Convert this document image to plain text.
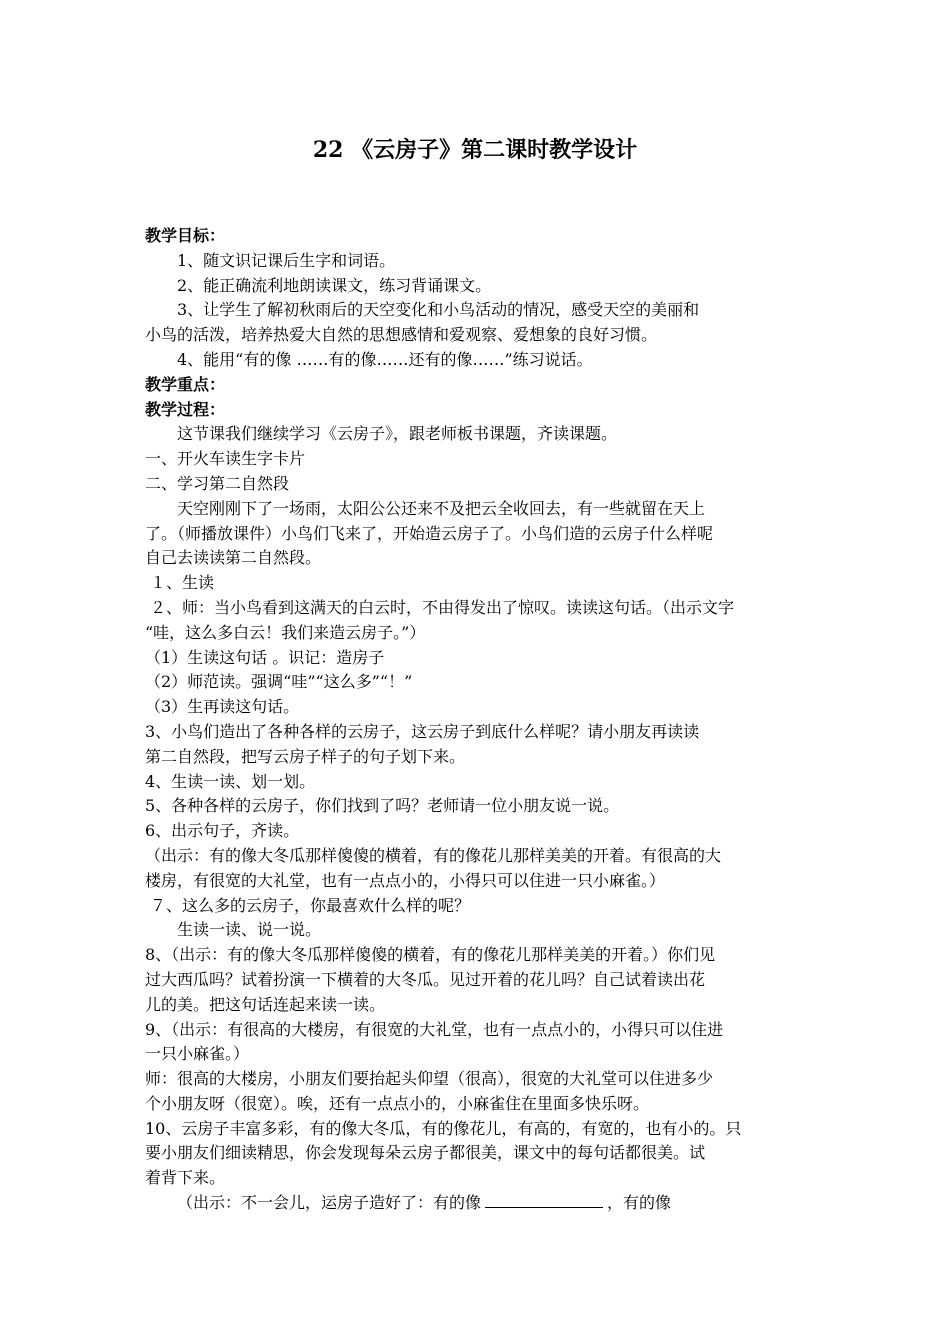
22 《云房子》第二课时教学设计
教学目标：
1、随文识记课后生字和词语。
2、能正确流利地朗读课文，练习背诵课文。
3、让学生了解初秋雨后的天空变化和小鸟活动的情况，感受天空的美丽和
小鸟的活泼，培养热爱大自然的思想感情和爱观察、爱想象的良好习惯。
4、能用“有的像 ……有的像……还有的像……”练习说话。
教学重点：
教学过程：
这节课我们继续学习《云房子》，跟老师板书课题，齐读课题。
一、开火车读生字卡片
二、学习第二自然段
天空刚刚下了一场雨，太阳公公还来不及把云全收回去，有一些就留在天上
了。（师播放课件）小鸟们飞来了，开始造云房子了。小鸟们造的云房子什么样呢
自己去读读第二自然段。
１、生读
２、师：当小鸟看到这满天的白云时，不由得发出了惊叹。读读这句话。（出示文字
“哇，这么多白云！我们来造云房子。”）
（1）生读这句话 。识记：造房子
（2）师范读。强调“哇”“这么多”“！”
（3）生再读这句话。
3、小鸟们造出了各种各样的云房子，这云房子到底什么样呢？请小朋友再读读
第二自然段，把写云房子样子的句子划下来。
4、生读一读、划一划。
5、各种各样的云房子，你们找到了吗？老师请一位小朋友说一说。
6、出示句子，齐读。
（出示：有的像大冬瓜那样傻傻的横着，有的像花儿那样美美的开着。有很高的大
楼房，有很宽的大礼堂，也有一点点小的，小得只可以住进一只小麻雀。）
７、这么多的云房子，你最喜欢什么样的呢？
生读一读、说一说。
8、（出示：有的像大冬瓜那样傻傻的横着，有的像花儿那样美美的开着。）你们见
过大西瓜吗？试着扮演一下横着的大冬瓜。见过开着的花儿吗？自己试着读出花
儿的美。把这句话连起来读一读。
9、（出示：有很高的大楼房，有很宽的大礼堂，也有一点点小的，小得只可以住进
一只小麻雀。）
师：很高的大楼房，小朋友们要抬起头仰望（很高），很宽的大礼堂可以住进多少
个小朋友呀（很宽）。唉，还有一点点小的，小麻雀住在里面多快乐呀。
10、云房子丰富多彩，有的像大冬瓜，有的像花儿，有高的，有宽的，也有小的。只
要小朋友们细读精思，你会发现每朵云房子都很美，课文中的每句话都很美。试
着背下来。
（出示：不一会儿，运房子造好了：有的像	，有的像
